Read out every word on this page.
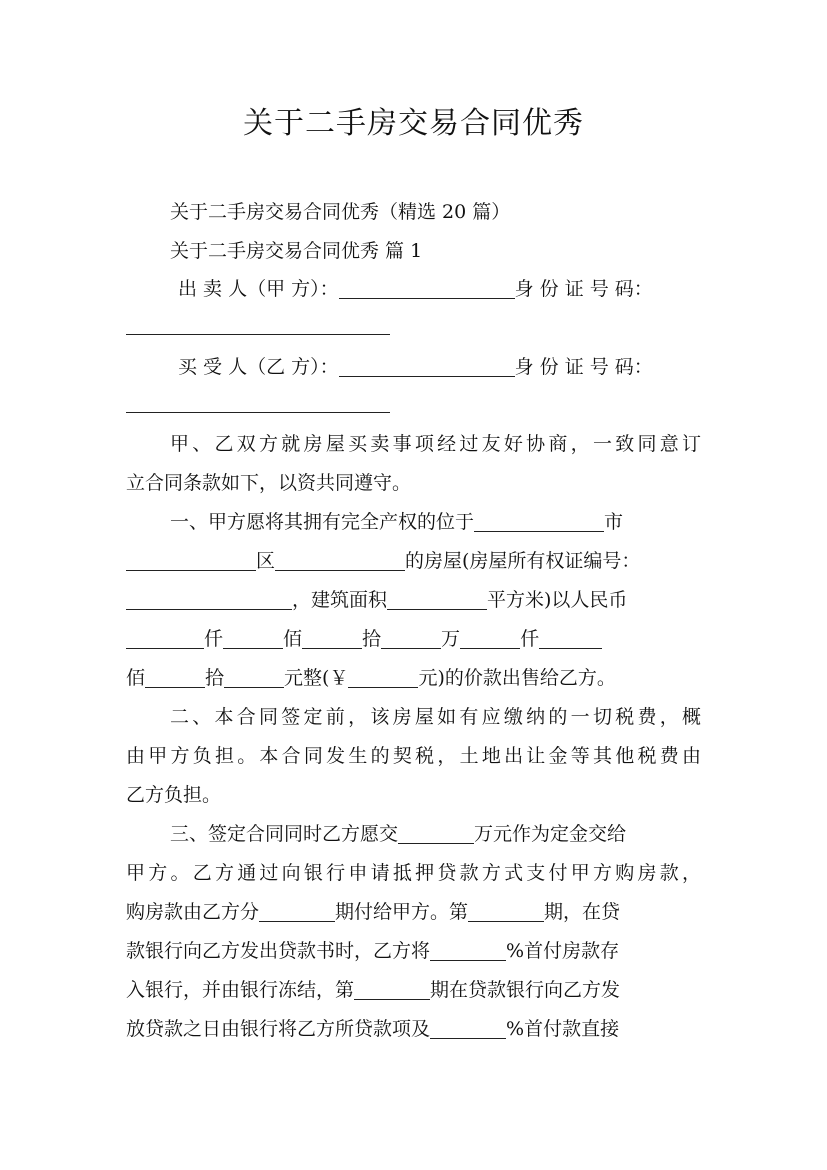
关于二手房交易合同优秀
关于二手房交易合同优秀（精选 20 篇）
关于二手房交易合同优秀 篇 1
出 卖 人（甲 方）：	身 份 证 号 码：
买 受 人（乙 方）：	身 份 证 号 码：
甲、乙双方就房屋买卖事项经过友好协商，一致同意订
立合同条款如下，以资共同遵守。
一、甲方愿将其拥有完全产权的位于	市
区	的房屋(房屋所有权证编号：
，建筑面积	平方米)以人民币
仟	佰	拾	万	仟
佰	拾	元整(￥	元)的价款出售给乙方。
二、本合同签定前，该房屋如有应缴纳的一切税费，概
由甲方负担。本合同发生的契税，土地出让金等其他税费由
乙方负担。
三、签定合同同时乙方愿交	万元作为定金交给
甲方。乙方通过向银行申请抵押贷款方式支付甲方购房款，
购房款由乙方分	期付给甲方。第	期，在贷
款银行向乙方发出贷款书时，乙方将	%首付房款存
入银行，并由银行冻结，第	期在贷款银行向乙方发
放贷款之日由银行将乙方所贷款项及	%首付款直接
